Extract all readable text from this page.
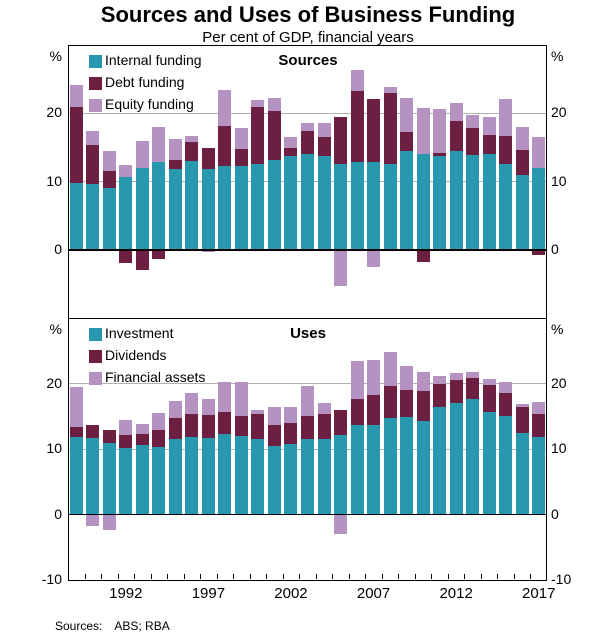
Sources and Uses of Business Funding
Per cent of GDP, financial years
Sources
Uses
20	20
10	10
0	0
%	%
Internal funding
Debt funding
Equity funding
20	20
10	10
0	0
-10	-10
%	%
Investment
Dividends
Financial assets
1992	1997	2002	2007	2012	2017
Sources: ABS; RBA
